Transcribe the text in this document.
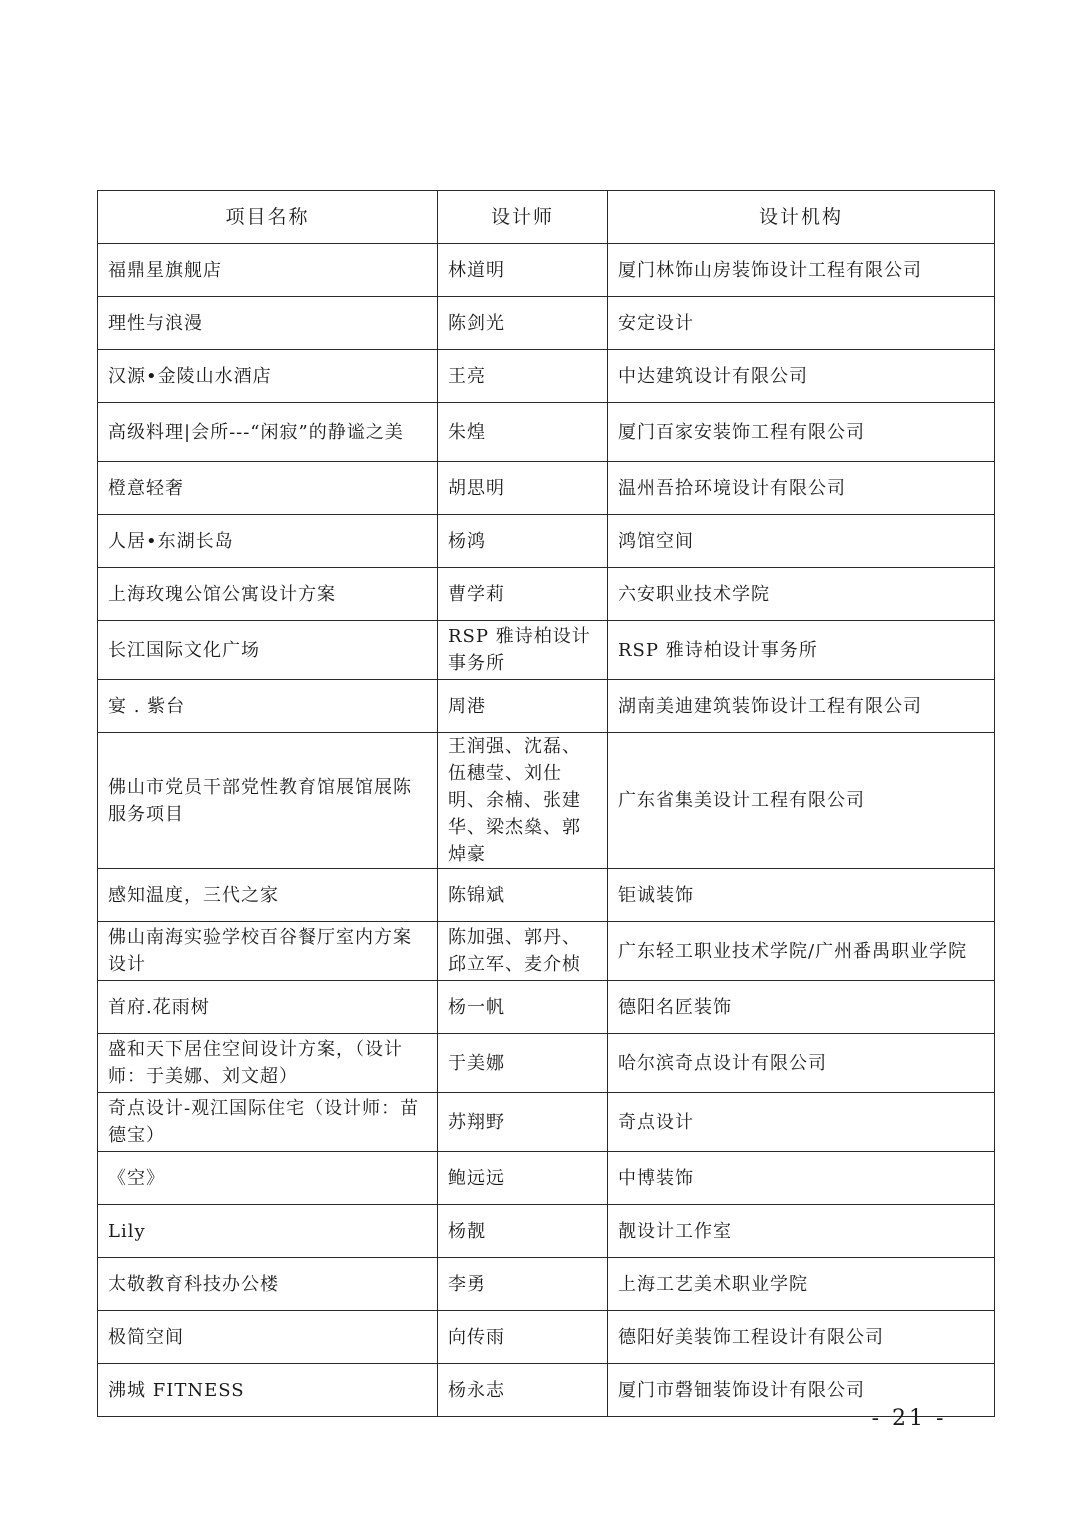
项目名称	设计师	设计机构
福鼎星旗舰店	林道明	厦门林饰山房装饰设计工程有限公司
理性与浪漫	陈剑光	安定设计
汉源•金陵山水酒店	王亮	中达建筑设计有限公司
高级料理|会所---“闲寂”的静谧之美	朱煌	厦门百家安装饰工程有限公司
橙意轻奢	胡思明	温州吾拾环境设计有限公司
人居•东湖长岛	杨鸿	鸿馆空间
上海玫瑰公馆公寓设计方案	曹学莉	六安职业技术学院
长江国际文化广场	RSP 雅诗柏设计事务所	RSP 雅诗柏设计事务所
宴 . 紫台	周港	湖南美迪建筑装饰设计工程有限公司
佛山市党员干部党性教育馆展馆展陈服务项目	王润强、沈磊、伍穗莹、刘仕明、余楠、张建华、梁杰燊、郭焯豪	广东省集美设计工程有限公司
感知温度，三代之家	陈锦斌	钜诚装饰
佛山南海实验学校百谷餐厅室内方案设计	陈加强、郭丹、邱立军、麦介桢	广东轻工职业技术学院/广州番禺职业学院
首府.花雨树	杨一帆	德阳名匠装饰
盛和天下居住空间设计方案，（设计师：于美娜、刘文超）	于美娜	哈尔滨奇点设计有限公司
奇点设计-观江国际住宅（设计师：苗德宝）	苏翔野	奇点设计
《空》	鲍远远	中博装饰
Lily	杨靓	靓设计工作室
太敬教育科技办公楼	李勇	上海工艺美术职业学院
极简空间	向传雨	德阳好美装饰工程设计有限公司
沸城 FITNESS	杨永志	厦门市磬钿装饰设计有限公司
- 21 -
